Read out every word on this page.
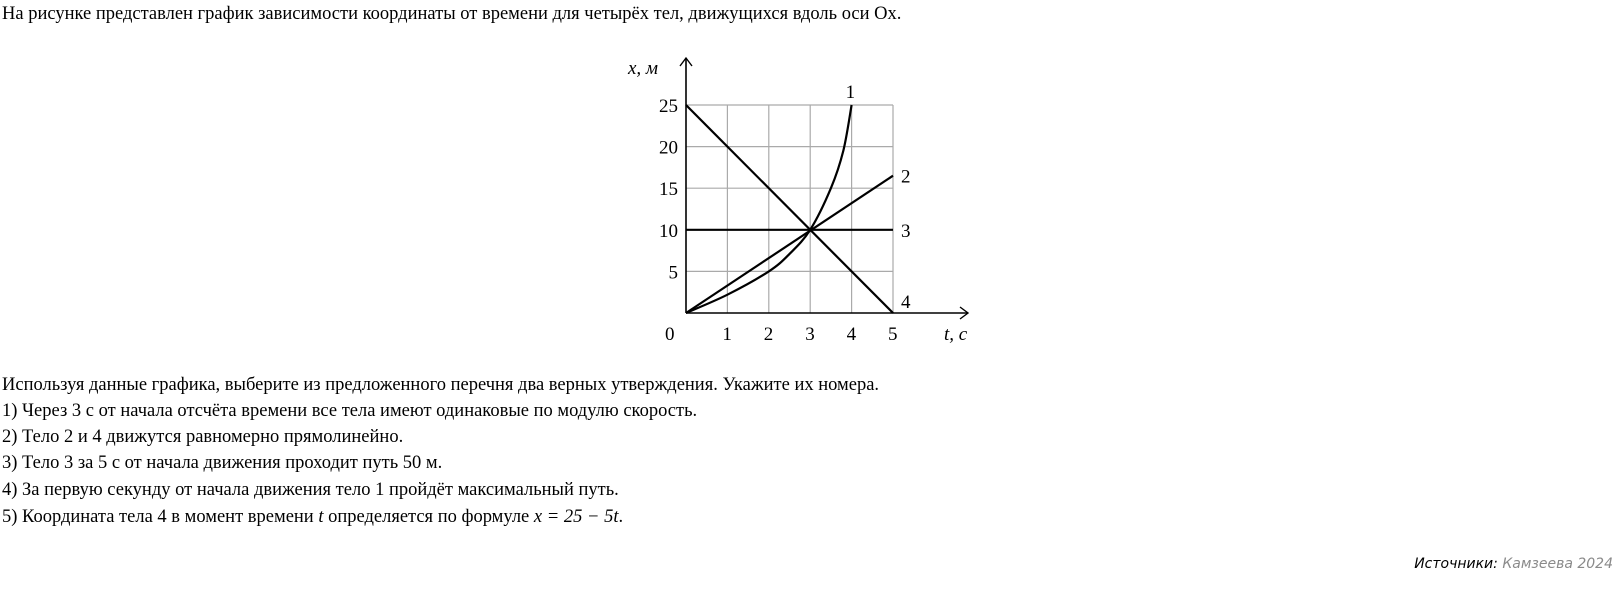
На рисунке представлен график зависимости координаты от времени для четырёх тел, движущихся вдоль оси Ox.
1
2
3
4
0	1 2 3 4 5
5
10
15
20
25
t, с
x, м
Используя данные графика, выберите из предложенного перечня два верных утверждения. Укажите их номера.
1) Через 3 с от начала отсчёта времени все тела имеют одинаковые по модулю скорость.
2) Тело 2 и 4 движутся равномерно прямолинейно.
3) Тело 3 за 5 с от начала движения проходит путь 50 м.
4) За первую секунду от начала движения тело 1 пройдёт максимальный путь.
5) Координата тела 4 в момент времени t определяется по формуле x = 25 − 5t.
Источники: Камзеева 2024
